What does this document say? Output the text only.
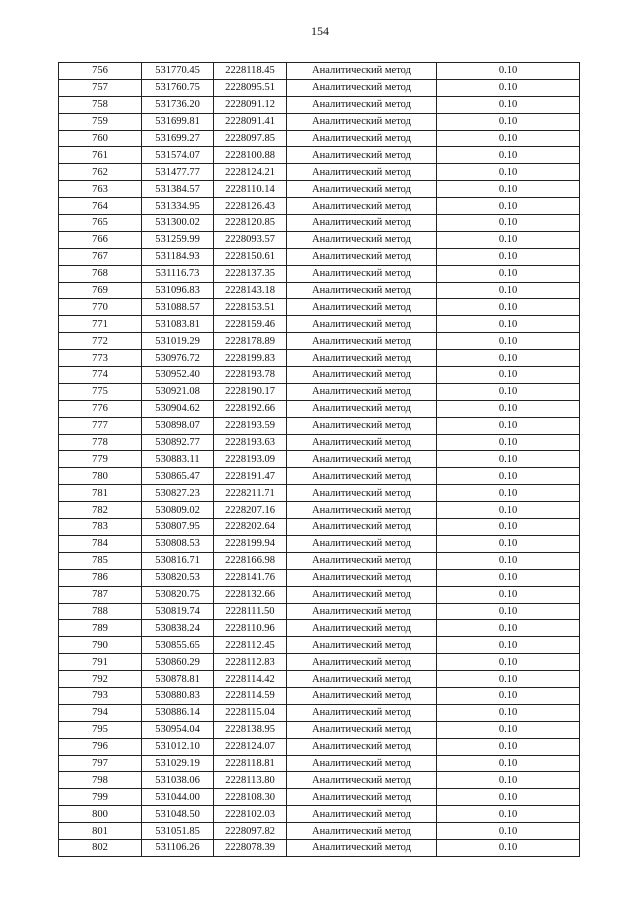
154
756	531770.45	2228118.45	Аналитический метод	0.10
757	531760.75	2228095.51	Аналитический метод	0.10
758	531736.20	2228091.12	Аналитический метод	0.10
759	531699.81	2228091.41	Аналитический метод	0.10
760	531699.27	2228097.85	Аналитический метод	0.10
761	531574.07	2228100.88	Аналитический метод	0.10
762	531477.77	2228124.21	Аналитический метод	0.10
763	531384.57	2228110.14	Аналитический метод	0.10
764	531334.95	2228126.43	Аналитический метод	0.10
765	531300.02	2228120.85	Аналитический метод	0.10
766	531259.99	2228093.57	Аналитический метод	0.10
767	531184.93	2228150.61	Аналитический метод	0.10
768	531116.73	2228137.35	Аналитический метод	0.10
769	531096.83	2228143.18	Аналитический метод	0.10
770	531088.57	2228153.51	Аналитический метод	0.10
771	531083.81	2228159.46	Аналитический метод	0.10
772	531019.29	2228178.89	Аналитический метод	0.10
773	530976.72	2228199.83	Аналитический метод	0.10
774	530952.40	2228193.78	Аналитический метод	0.10
775	530921.08	2228190.17	Аналитический метод	0.10
776	530904.62	2228192.66	Аналитический метод	0.10
777	530898.07	2228193.59	Аналитический метод	0.10
778	530892.77	2228193.63	Аналитический метод	0.10
779	530883.11	2228193.09	Аналитический метод	0.10
780	530865.47	2228191.47	Аналитический метод	0.10
781	530827.23	2228211.71	Аналитический метод	0.10
782	530809.02	2228207.16	Аналитический метод	0.10
783	530807.95	2228202.64	Аналитический метод	0.10
784	530808.53	2228199.94	Аналитический метод	0.10
785	530816.71	2228166.98	Аналитический метод	0.10
786	530820.53	2228141.76	Аналитический метод	0.10
787	530820.75	2228132.66	Аналитический метод	0.10
788	530819.74	2228111.50	Аналитический метод	0.10
789	530838.24	2228110.96	Аналитический метод	0.10
790	530855.65	2228112.45	Аналитический метод	0.10
791	530860.29	2228112.83	Аналитический метод	0.10
792	530878.81	2228114.42	Аналитический метод	0.10
793	530880.83	2228114.59	Аналитический метод	0.10
794	530886.14	2228115.04	Аналитический метод	0.10
795	530954.04	2228138.95	Аналитический метод	0.10
796	531012.10	2228124.07	Аналитический метод	0.10
797	531029.19	2228118.81	Аналитический метод	0.10
798	531038.06	2228113.80	Аналитический метод	0.10
799	531044.00	2228108.30	Аналитический метод	0.10
800	531048.50	2228102.03	Аналитический метод	0.10
801	531051.85	2228097.82	Аналитический метод	0.10
802	531106.26	2228078.39	Аналитический метод	0.10
